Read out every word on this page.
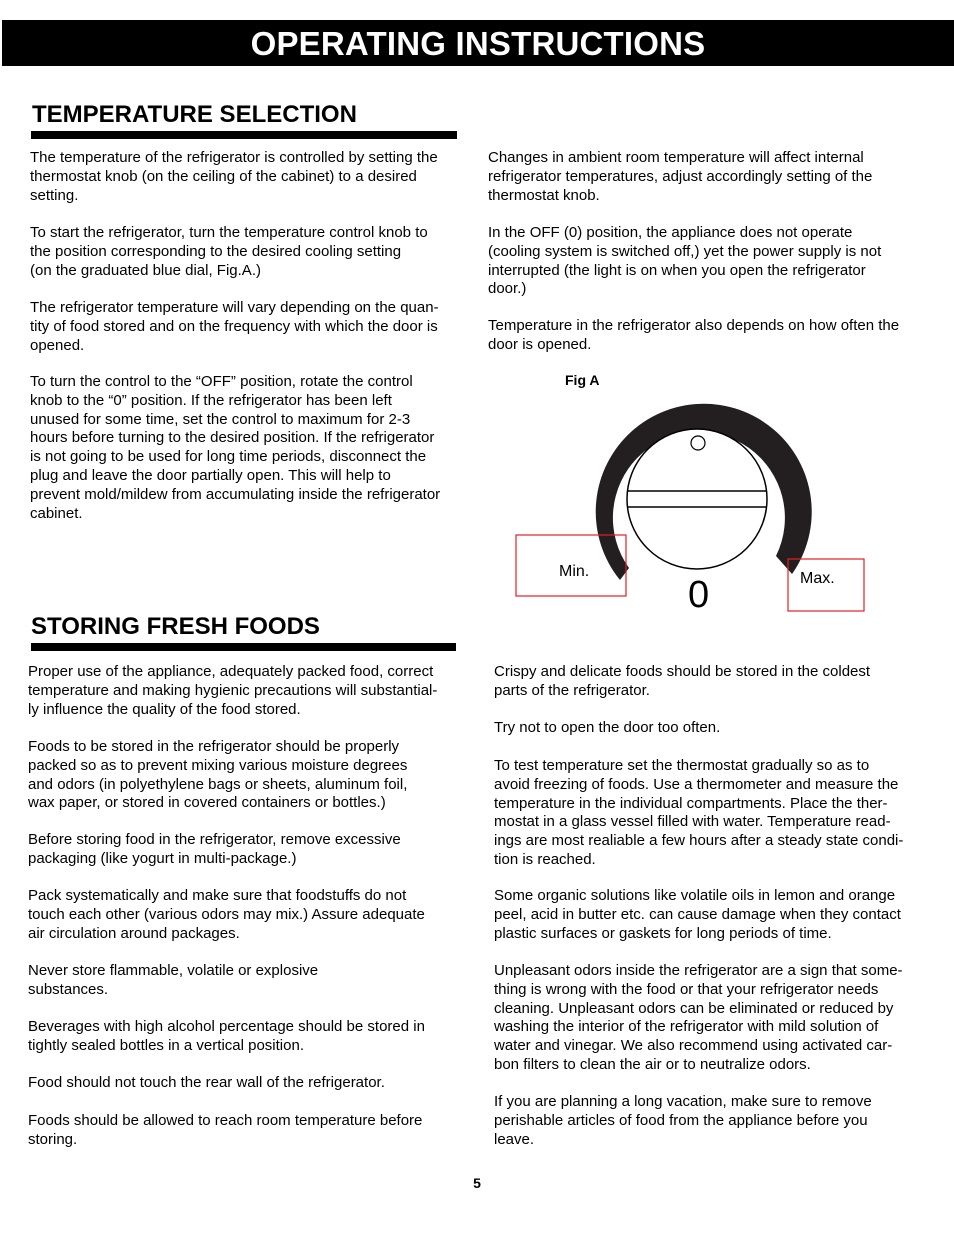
OPERATING INSTRUCTIONS
TEMPERATURE SELECTION

The temperature of the refrigerator is controlled by setting the
thermostat knob (on the ceiling of the cabinet) to a desired
setting.

To start the refrigerator, turn the temperature control knob to
the position corresponding to the desired cooling setting
(on the graduated blue dial, Fig.A.)

The refrigerator temperature will vary depending on the quan-
tity of food stored and on the frequency with which the door is
opened.

To turn the control to the “OFF” position, rotate the control
knob to the “0” position. If the refrigerator has been left
unused for some time, set the control to maximum for 2-3
hours before turning to the desired position. If the refrigerator
is not going to be used for long time periods, disconnect the
plug and leave the door partially open. This will help to
prevent mold/mildew from accumulating inside the refrigerator
cabinet.

Changes in ambient room temperature will affect internal
refrigerator temperatures, adjust accordingly setting of the
thermostat knob.

In the OFF (0) position, the appliance does not operate
(cooling system is switched off,) yet the power supply is not
interrupted (the light is on when you open the refrigerator
door.)

Temperature in the refrigerator also depends on how often the
door is opened.

Fig A
Min.	Max.
0
STORING FRESH FOODS

Proper use of the appliance, adequately packed food, correct
temperature and making hygienic precautions will substantial-
ly influence the quality of the food stored.

Foods to be stored in the refrigerator should be properly
packed so as to prevent mixing various moisture degrees
and odors (in polyethylene bags or sheets, aluminum foil,
wax paper, or stored in covered containers or bottles.)

Before storing food in the refrigerator, remove excessive
packaging (like yogurt in multi-package.)

Pack systematically and make sure that foodstuffs do not
touch each other (various odors may mix.) Assure adequate
air circulation around packages.

Never store flammable, volatile or explosive
substances.

Beverages with high alcohol percentage should be stored in
tightly sealed bottles in a vertical position.

Food should not touch the rear wall of the refrigerator.

Foods should be allowed to reach room temperature before
storing.

Crispy and delicate foods should be stored in the coldest
parts of the refrigerator.

Try not to open the door too often.

To test temperature set the thermostat gradually so as to
avoid freezing of foods. Use a thermometer and measure the
temperature in the individual compartments. Place the ther-
mostat in a glass vessel filled with water. Temperature read-
ings are most realiable a few hours after a steady state condi-
tion is reached.

Some organic solutions like volatile oils in lemon and orange
peel, acid in butter etc. can cause damage when they contact
plastic surfaces or gaskets for long periods of time.

Unpleasant odors inside the refrigerator are a sign that some-
thing is wrong with the food or that your refrigerator needs
cleaning. Unpleasant odors can be eliminated or reduced by
washing the interior of the refrigerator with mild solution of
water and vinegar. We also recommend using activated car-
bon filters to clean the air or to neutralize odors.

If you are planning a long vacation, make sure to remove
perishable articles of food from the appliance before you
leave.

5
